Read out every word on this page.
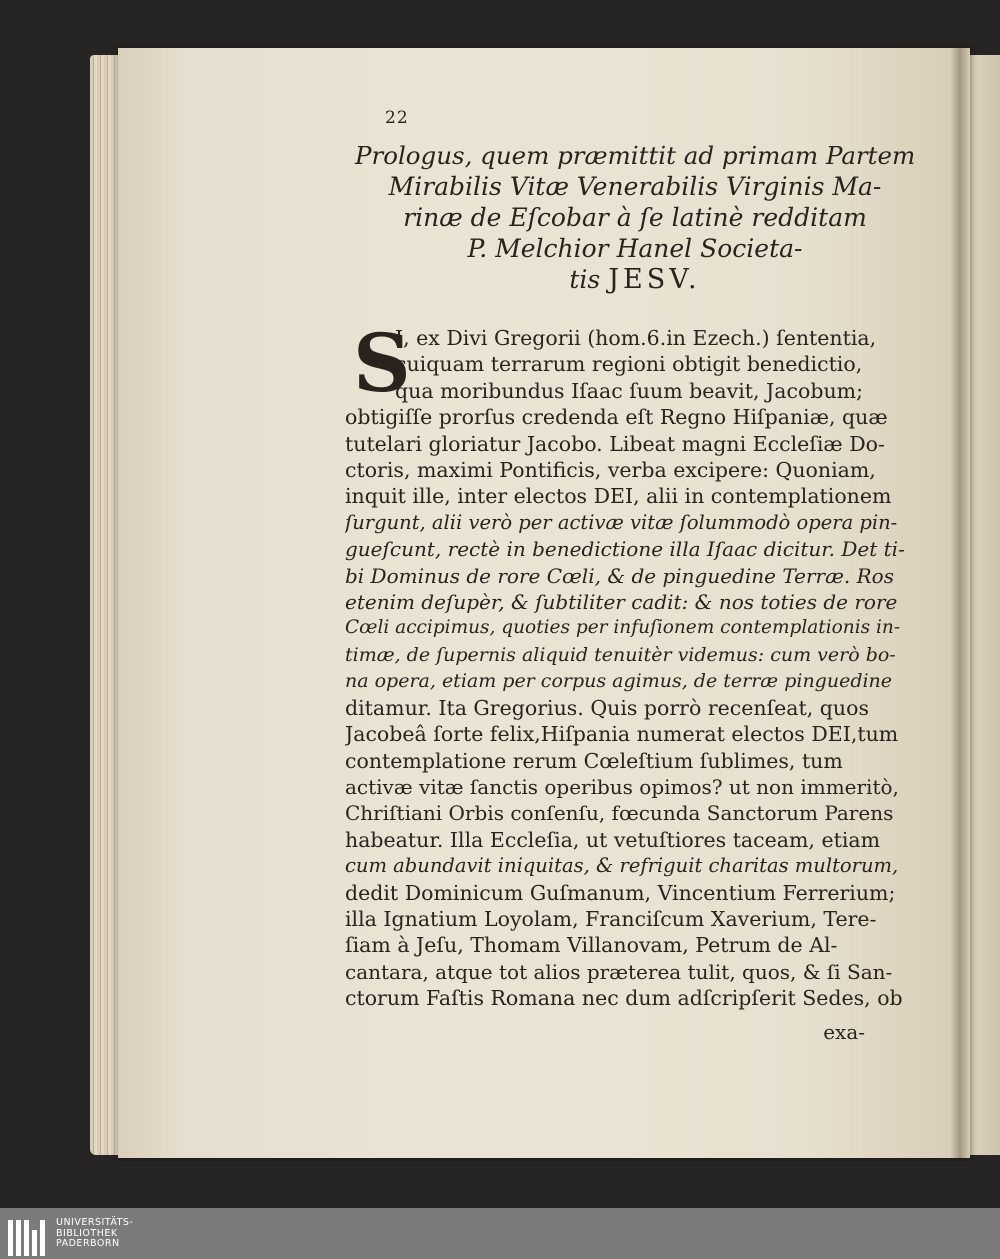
22
Prologus, quem præmittit ad primam Partem
Mirabilis Vitæ Venerabilis Virginis Ma-
rinæ de Eſcobar à ſe latinè redditam
P. Melchior Hanel Societa-
tis JESV.
S
I, ex Divi Gregorii (hom.6.in Ezech.) ſententia,
cuiquam terrarum regioni obtigit benedictio,
qua moribundus Iſaac ſuum beavit, Jacobum;
obtigiſſe prorſus credenda eſt Regno Hiſpaniæ, quæ
tutelari gloriatur Jacobo. Libeat magni Eccleſiæ Do-
ctoris, maximi Pontificis, verba excipere: Quoniam,
inquit ille, inter electos DEI, alii in contemplationem
ſurgunt, alii verò per activæ vitæ ſolummodò opera pin-
gueſcunt, rectè in benedictione illa Iſaac dicitur. Det ti-
bi Dominus de rore Cœli, & de pinguedine Terræ. Ros
etenim deſupèr, & ſubtiliter cadit: & nos toties de rore
Cœli accipimus, quoties per infuſionem contemplationis in-
timæ, de ſupernis aliquid tenuitèr videmus: cum verò bo-
na opera, etiam per corpus agimus, de terræ pinguedine
ditamur. Ita Gregorius. Quis porrò recenſeat, quos
Jacobeâ ſorte felix,Hiſpania numerat electos DEI,tum
contemplatione rerum Cœleſtium ſublimes, tum
activæ vitæ ſanctis operibus opimos? ut non immeritò,
Chriſtiani Orbis conſenſu, fœcunda Sanctorum Parens
habeatur. Illa Eccleſia, ut vetuſtiores taceam, etiam
cum abundavit iniquitas, & refriguit charitas multorum,
dedit Dominicum Guſmanum, Vincentium Ferrerium;
illa Ignatium Loyolam, Franciſcum Xaverium, Tere-
ſiam à Jeſu, Thomam Villanovam, Petrum de Al-
cantara, atque tot alios præterea tulit, quos, & ſi San-
ctorum Faſtis Romana nec dum adſcripſerit Sedes, ob
exa-
UNIVERSITÄTS-
BIBLIOTHEK
PADERBORN
